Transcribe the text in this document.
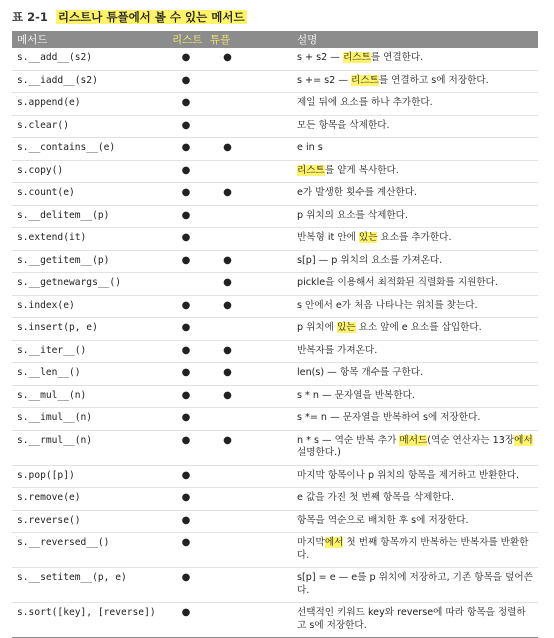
표 2-1 리스트나 튜플에서 볼 수 있는 메서드
메서드	리스트	튜플		설명
s.__add__(s2)	●	●		s + s2 — 리스트를 연결한다.
s.__iadd__(s2)	●			s += s2 — 리스트를 연결하고 s에 저장한다.
s.append(e)	●			제일 뒤에 요소를 하나 추가한다.
s.clear()	●			모든 항목을 삭제한다.
s.__contains__(e)	●	●		e in s
s.copy()	●			리스트를 얕게 복사한다.
s.count(e)	●	●		e가 발생한 횟수를 계산한다.
s.__delitem__(p)	●			p 위치의 요소를 삭제한다.
s.extend(it)	●			반복형 it 안에 있는 요소를 추가한다.
s.__getitem__(p)	●	●		s[p] — p 위치의 요소를 가져온다.
s.__getnewargs__()		●		pickle을 이용해서 최적화된 직렬화를 지원한다.
s.index(e)	●	●		s 안에서 e가 처음 나타나는 위치를 찾는다.
s.insert(p, e)	●			p 위치에 있는 요소 앞에 e 요소를 삽입한다.
s.__iter__()	●	●		반복자를 가져온다.
s.__len__()	●	●		len(s) — 항목 개수를 구한다.
s.__mul__(n)	●	●		s * n — 문자열을 반복한다.
s.__imul__(n)	●			s *= n — 문자열을 반복하여 s에 저장한다.
s.__rmul__(n)	●	●		n * s — 역순 반복 추가 메서드(역순 연산자는 13장에서 설명한다.)
s.pop([p])	●			마지막 항목이나 p 위치의 항목을 제거하고 반환한다.
s.remove(e)	●			e 값을 가진 첫 번째 항목을 삭제한다.
s.reverse()	●			항목을 역순으로 배치한 후 s에 저장한다.
s.__reversed__()	●			마지막에서 첫 번째 항목까지 반복하는 반복자를 반환한다.
s.__setitem__(p, e)	●			s[p] = e — e를 p 위치에 저장하고, 기존 항목을 덮어쓴다.
s.sort([key], [reverse])	●			선택적인 키워드 key와 reverse에 따라 항목을 정렬하고 s에 저장한다.
